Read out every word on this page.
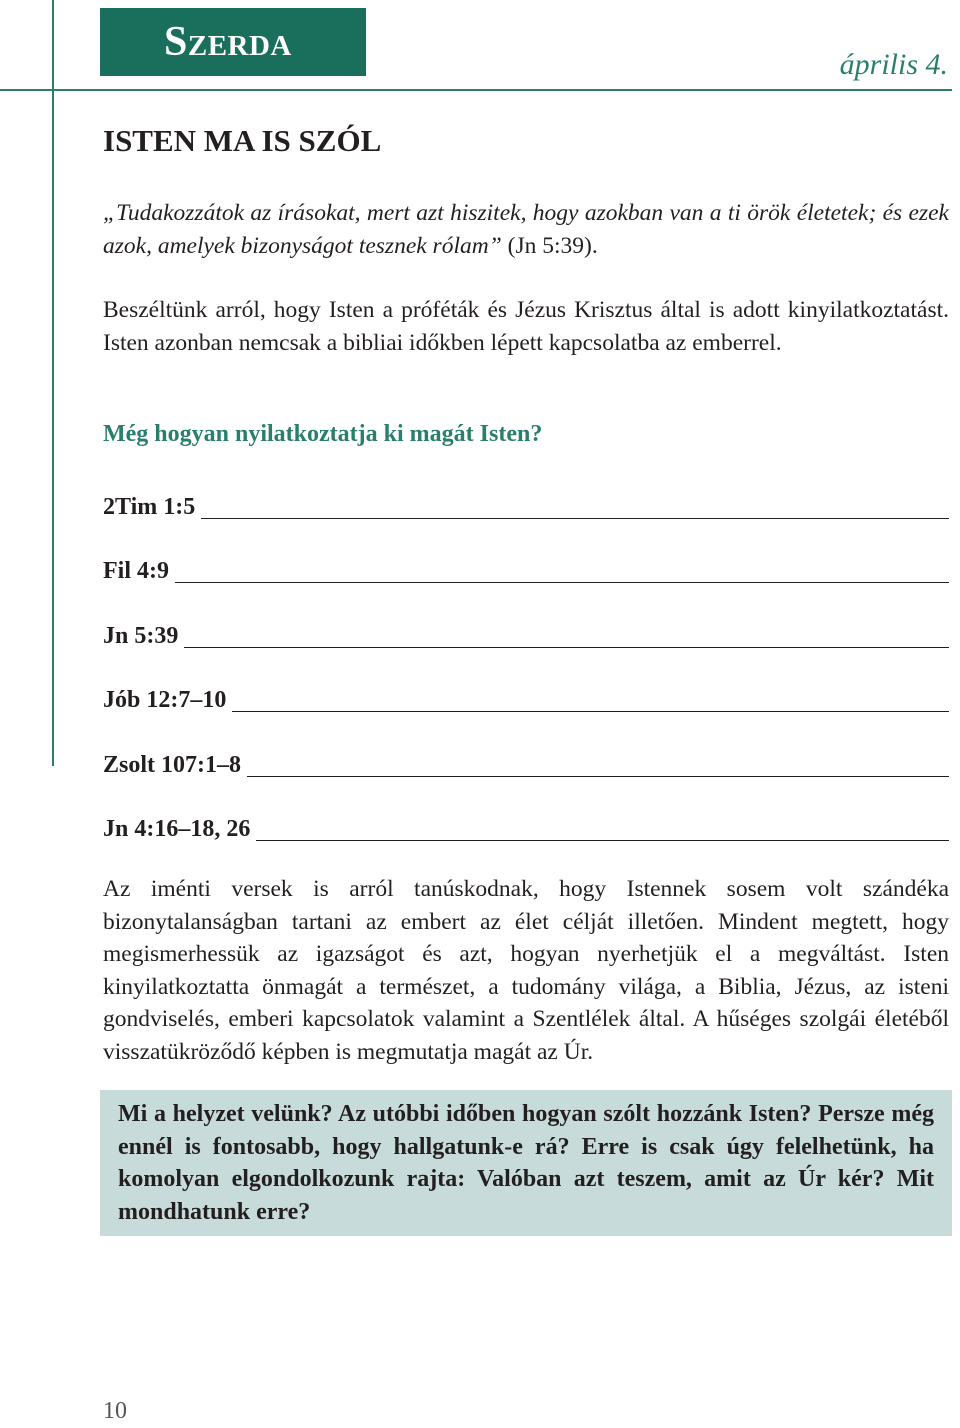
Szerda	április 4.
ISTEN MA IS SZÓL

„Tudakozzátok az írásokat, mert azt hiszitek, hogy azokban van a ti örök életetek; és ezek azok, amelyek bizonyságot tesznek rólam” (Jn 5:39).

Beszéltünk arról, hogy Isten a próféták és Jézus Krisztus által is adott kinyilatkoztatást. Isten azonban nemcsak a bibliai időkben lépett kapcsolatba az emberrel.

Még hogyan nyilatkoztatja ki magát Isten?

2Tim 1:5
Fil 4:9
Jn 5:39
Jób 12:7–10
Zsolt 107:1–8
Jn 4:16–18, 26

Az iménti versek is arról tanúskodnak, hogy Istennek sosem volt szándéka bizonytalanságban tartani az embert az élet célját illetően. Mindent megtett, hogy megismerhessük az igazságot és azt, hogyan nyerhetjük el a megváltást. Isten kinyilatkoztatta önmagát a természet, a tudomány világa, a Biblia, Jézus, az isteni gondviselés, emberi kapcsolatok valamint a Szentlélek által. A hűséges szolgái életéből visszatükröződő képben is megmutatja magát az Úr.

Mi a helyzet velünk? Az utóbbi időben hogyan szólt hozzánk Isten? Persze még ennél is fontosabb, hogy hallgatunk-e rá? Erre is csak úgy felelhetünk, ha komolyan elgondolkozunk rajta: Valóban azt teszem, amit az Úr kér? Mit mondhatunk erre?

10
